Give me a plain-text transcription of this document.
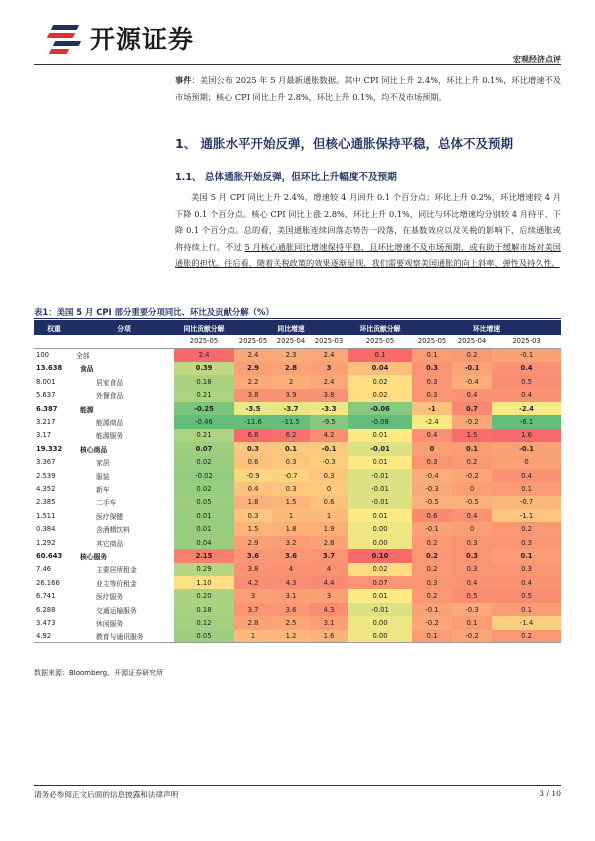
开源证券
宏观经济点评

事件：美国公布 2025 年 5 月最新通胀数据。其中 CPI 同比上升 2.4%，环比上升 0.1%，环比增速不及市场预期；核心 CPI 同比上升 2.8%，环比上升 0.1%，均不及市场预期。

1、 通胀水平开始反弹，但核心通胀保持平稳，总体不及预期
1.1、 总体通胀开始反弹，但环比上升幅度不及预期

美国 5 月 CPI 同比上升 2.4%，增速较 4 月回升 0.1 个百分点；环比上升 0.2%，环比增速较 4 月下降 0.1 个百分点。核心 CPI 同比上涨 2.8%，环比上升 0.1%，同比与环比增速均分别较 4 月持平、下降 0.1 个百分点。总的看，美国通胀连续回落态势告一段落，在基数效应以及关税的影响下，后续通胀或将持续上行。不过 5 月核心通胀同比增速保持平稳，且环比增速不及市场预期，或有助于缓解市场对美国通胀的担忧。往后看，随着关税政策的效果逐渐显现，我们需要观察美国通胀的向上斜率、弹性及持久性。

表1：美国 5 月 CPI 部分重要分项同比、环比及贡献分解（%）
权重	分项	同比贡献分解	同比增速			环比贡献分解	环比增速		
		2025-05	2025-05	2025-04	2025-03	2025-05	2025-05	2025-04	2025-03
100	全部	2.4	2.4	2.3	2.4	0.1	0.1	0.2	-0.1
13.638	食品	0.39	2.9	2.8	3	0.04	0.3	-0.1	0.4
8.001	居家食品	0.18	2.2	2	2.4	0.02	0.3	-0.4	0.5
5.637	外餐食品	0.21	3.8	3.9	3.8	0.02	0.3	0.4	0.4
6.387	能源	-0.25	-3.5	-3.7	-3.3	-0.06	-1	0.7	-2.4
3.217	能源商品	-0.46	-11.6	-11.5	-9.5	-0.08	-2.4	-0.2	-6.1
3.17	能源服务	0.21	6.8	6.2	4.2	0.01	0.4	1.5	1.6
19.332	核心商品	0.07	0.3	0.1	-0.1	-0.01	0	0.1	-0.1
3.367	家居	0.02	0.6	0.3	-0.3	0.01	0.3	0.2	0
2.539	服装	-0.02	-0.9	-0.7	0.3	-0.01	-0.4	-0.2	0.4
4.352	新车	0.02	0.4	0.3	0	-0.01	-0.3	0	0.1
2.385	二手车	0.05	1.8	1.5	0.6	-0.01	-0.5	-0.5	-0.7
1.511	医疗保健	0.01	0.3	1	1	0.01	0.6	0.4	-1.1
0.384	含酒精饮料	0.01	1.5	1.8	1.9	0.00	-0.1	0	0.2
1.292	其它商品	0.04	2.9	3.2	2.8	0.00	0.2	0.3	0.3
60.643	核心服务	2.15	3.6	3.6	3.7	0.10	0.2	0.3	0.1
7.46	主要居所租金	0.29	3.8	4	4	0.02	0.2	0.3	0.3
26.166	业主等价租金	1.10	4.2	4.3	4.4	0.07	0.3	0.4	0.4
6.741	医疗服务	0.20	3	3.1	3	0.01	0.2	0.5	0.5
6.288	交通运输服务	0.18	3.7	3.6	4.3	-0.01	-0.1	-0.3	0.1
3.473	休闲服务	0.12	2.8	2.5	3.1	0.00	-0.2	0.1	-1.4
4.92	教育与通讯服务	0.05	1	1.2	1.6	0.00	0.1	-0.2	0.2
数据来源：Bloomberg、开源证券研究所
请务必参阅正文后面的信息披露和法律声明	3 / 10
